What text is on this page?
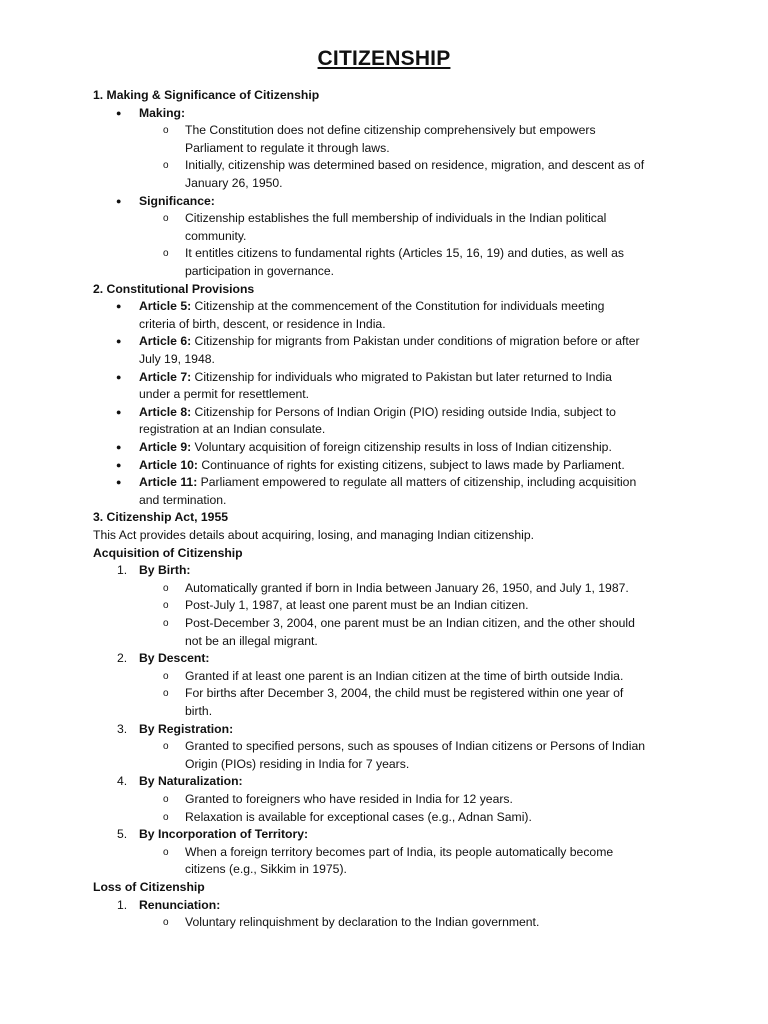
CITIZENSHIP
1. Making & Significance of Citizenship
● Making:
o The Constitution does not define citizenship comprehensively but empowers
Parliament to regulate it through laws.
o Initially, citizenship was determined based on residence, migration, and descent as of
January 26, 1950.
● Significance:
o Citizenship establishes the full membership of individuals in the Indian political
community.
o It entitles citizens to fundamental rights (Articles 15, 16, 19) and duties, as well as
participation in governance.
2. Constitutional Provisions
● Article 5: Citizenship at the commencement of the Constitution for individuals meeting
criteria of birth, descent, or residence in India.
● Article 6: Citizenship for migrants from Pakistan under conditions of migration before or after
July 19, 1948.
● Article 7: Citizenship for individuals who migrated to Pakistan but later returned to India
under a permit for resettlement.
● Article 8: Citizenship for Persons of Indian Origin (PIO) residing outside India, subject to
registration at an Indian consulate.
● Article 9: Voluntary acquisition of foreign citizenship results in loss of Indian citizenship.
● Article 10: Continuance of rights for existing citizens, subject to laws made by Parliament.
● Article 11: Parliament empowered to regulate all matters of citizenship, including acquisition
and termination.
3. Citizenship Act, 1955
This Act provides details about acquiring, losing, and managing Indian citizenship.
Acquisition of Citizenship
1. By Birth:
o Automatically granted if born in India between January 26, 1950, and July 1, 1987.
o Post-July 1, 1987, at least one parent must be an Indian citizen.
o Post-December 3, 2004, one parent must be an Indian citizen, and the other should
not be an illegal migrant.
2. By Descent:
o Granted if at least one parent is an Indian citizen at the time of birth outside India.
o For births after December 3, 2004, the child must be registered within one year of
birth.
3. By Registration:
o Granted to specified persons, such as spouses of Indian citizens or Persons of Indian
Origin (PIOs) residing in India for 7 years.
4. By Naturalization:
o Granted to foreigners who have resided in India for 12 years.
o Relaxation is available for exceptional cases (e.g., Adnan Sami).
5. By Incorporation of Territory:
o When a foreign territory becomes part of India, its people automatically become
citizens (e.g., Sikkim in 1975).
Loss of Citizenship
1. Renunciation:
o Voluntary relinquishment by declaration to the Indian government.
